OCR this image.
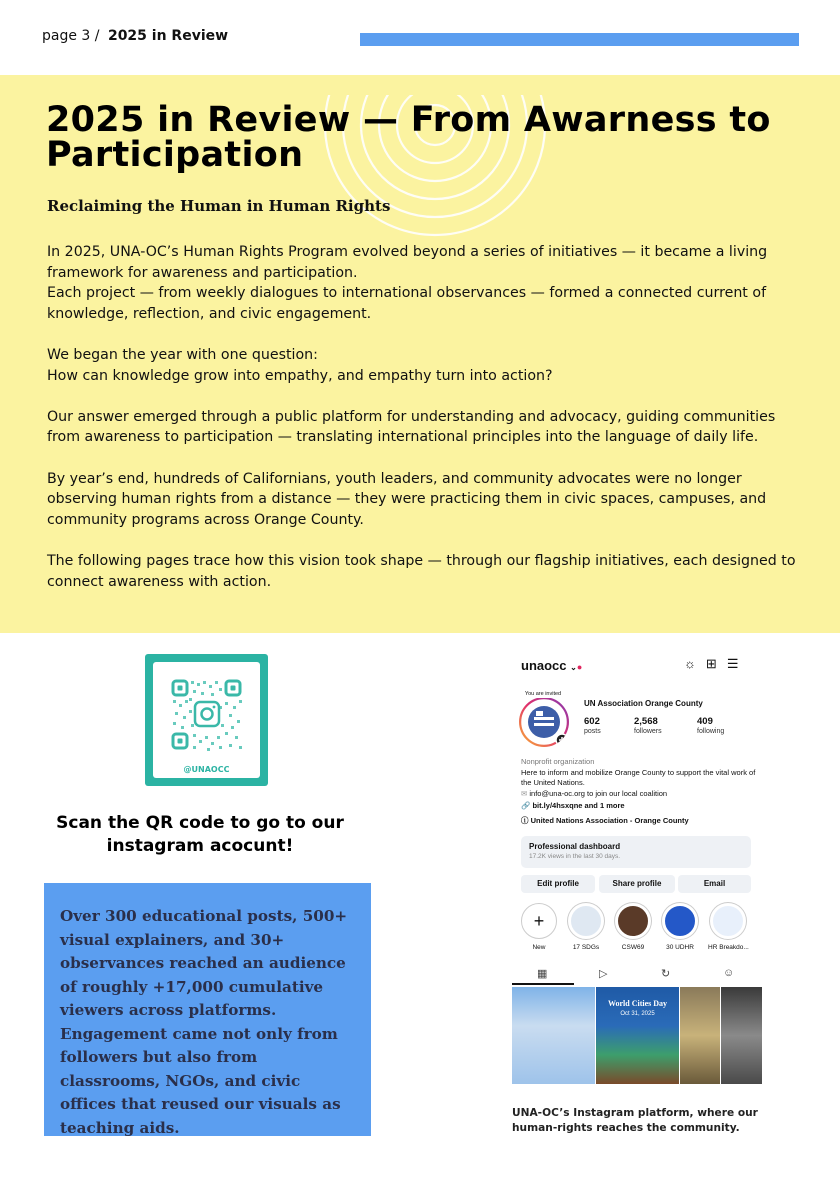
page 3 / 2025 in Review
2025 in Review — From Awarness to Participation
Reclaiming the Human in Human Rights

In 2025, UNA-OC’s Human Rights Program evolved beyond a series of initiatives — it became a living framework for awareness and participation.
Each project — from weekly dialogues to international observances — formed a connected current of knowledge, reflection, and civic engagement.

We began the year with one question:
How can knowledge grow into empathy, and empathy turn into action?

Our answer emerged through a public platform for understanding and advocacy, guiding communities from awareness to participation — translating international principles into the language of daily life.

By year’s end, hundreds of Californians, youth leaders, and community advocates were no longer observing human rights from a distance — they were practicing them in civic spaces, campuses, and community programs across Orange County.

The following pages trace how this vision took shape — through our flagship initiatives, each designed to connect awareness with action.

@UNAOCC
Scan the QR code to go to our instagram acocunt!

Over 300 educational posts, 500+ visual explainers, and 30+ observances reached an audience of roughly +17,000 cumulative viewers across platforms. Engagement came not only from followers but also from classrooms, NGOs, and civic offices that reused our visuals as teaching aids.

unaocc ⌄●	☼⊞☰
You are invited
UN Association Orange County
602
posts
2,568
followers
409
following
Nonprofit organization
Here to inform and mobilize Orange County to support the vital work of the United Nations.
✉ info@una-oc.org to join our local coalition
🔗 bit.ly/4hsxqne and 1 more
ⓘ United Nations Association - Orange County
Professional dashboard
17.2K views in the last 30 days.
Edit profile	Share profile	Email
+
New	17 SDGs	CSW69	30 UDHR	HR Breakdo...
▦	▷	↻	☺
World Cities Day
Oct 31, 2025
UNA-OC’s Instagram platform, where our human-rights reaches the community.
